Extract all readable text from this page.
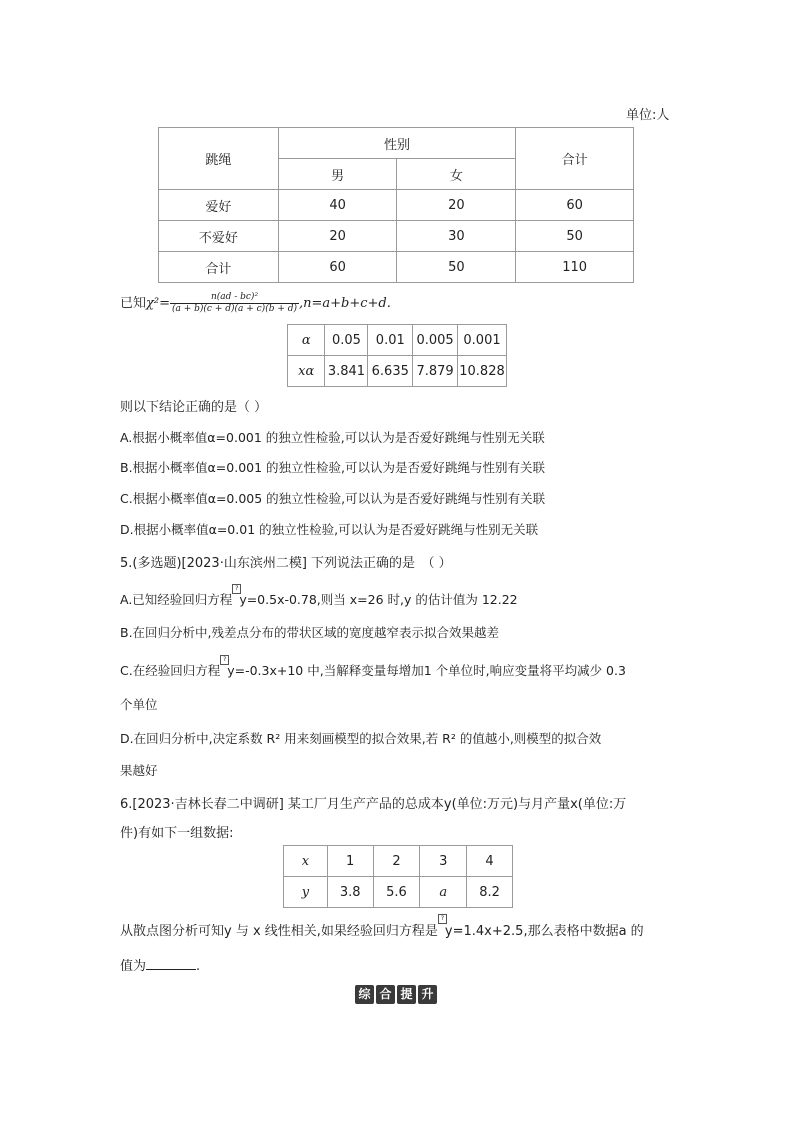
单位:人
跳绳	性别		合计
	男	女	
爱好	40	20	60
不爱好	20	30	50
合计	60	50	110
已知$\chi^2= \frac{\text{n(ad - bc)²}}{(a + b)(c + d)(a + c)(b + d)} ,n=a+b+c+d$.
α	0.05	0.01	0.005	0.001
xα	3.841	6.635	7.879	10.828
则以下结论正确的是（ ）
A.根据小概率值α=0.001 的独立性检验,可以认为是否爱好跳绳与性别无关联
B.根据小概率值α=0.001 的独立性检验,可以认为是否爱好跳绳与性别有关联
C.根据小概率值α=0.005 的独立性检验,可以认为是否爱好跳绳与性别有关联
D.根据小概率值α=0.01 的独立性检验,可以认为是否爱好跳绳与性别无关联
5.(多选题)[2023·山东滨州二模] 下列说法正确的是　（ ）
A.已知经验回归方程?y=0.5x-0.78,则当 x=26 时,y 的估计值为 12.22
B.在回归分析中,残差点分布的带状区域的宽度越窄表示拟合效果越差
C.在经验回归方程?y=-0.3x+10 中,当解释变量每增加1 个单位时,响应变量将平均减少 0.3
个单位
D.在回归分析中,决定系数 R² 用来刻画模型的拟合效果,若 R² 的值越小,则模型的拟合效
果越好
6.[2023·吉林长春二中调研] 某工厂月生产产品的总成本y(单位:万元)与月产量x(单位:万
件)有如下一组数据:
x	1	2	3	4
y	3.8	5.6	a	8.2
从散点图分析可知y 与 x 线性相关,如果经验回归方程是?y=1.4x+2.5,那么表格中数据a 的
值为	.
综 合 提 升
